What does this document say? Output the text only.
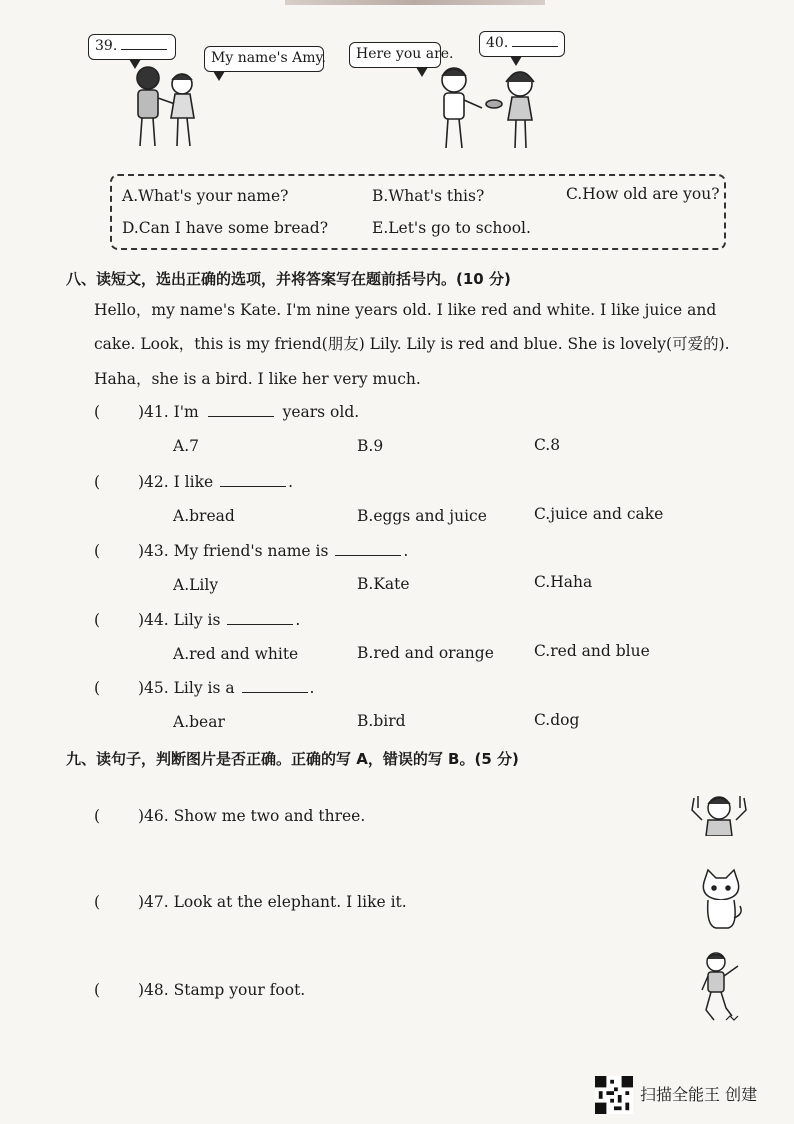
39.
My name's Amy.	Here you are.
40.
A.What's your name?	B.What's this?	C.How old are you?
D.Can I have some bread?	E.Let's go to school.
八、读短文，选出正确的选项，并将答案写在题前括号内。(10 分)
Hello，my name's Kate. I'm nine years old. I like red and white. I like juice and
cake. Look，this is my friend(朋友) Lily. Lily is red and blue. She is lovely(可爱的).
Haha，she is a bird. I like her very much.
( )41. I'm	years old.
A.7	B.9	C.8
( )42. I like	.
A.bread	B.eggs and juice	C.juice and cake
( )43. My friend's name is	.
A.Lily	B.Kate	C.Haha
( )44. Lily is	.
A.red and white	B.red and orange	C.red and blue
( )45. Lily is a	.
A.bear	B.bird	C.dog
九、读句子，判断图片是否正确。正确的写 A，错误的写 B。(5 分)
( )46. Show me two and three.
( )47. Look at the elephant. I like it.
( )48. Stamp your foot.
扫描全能王 创建
